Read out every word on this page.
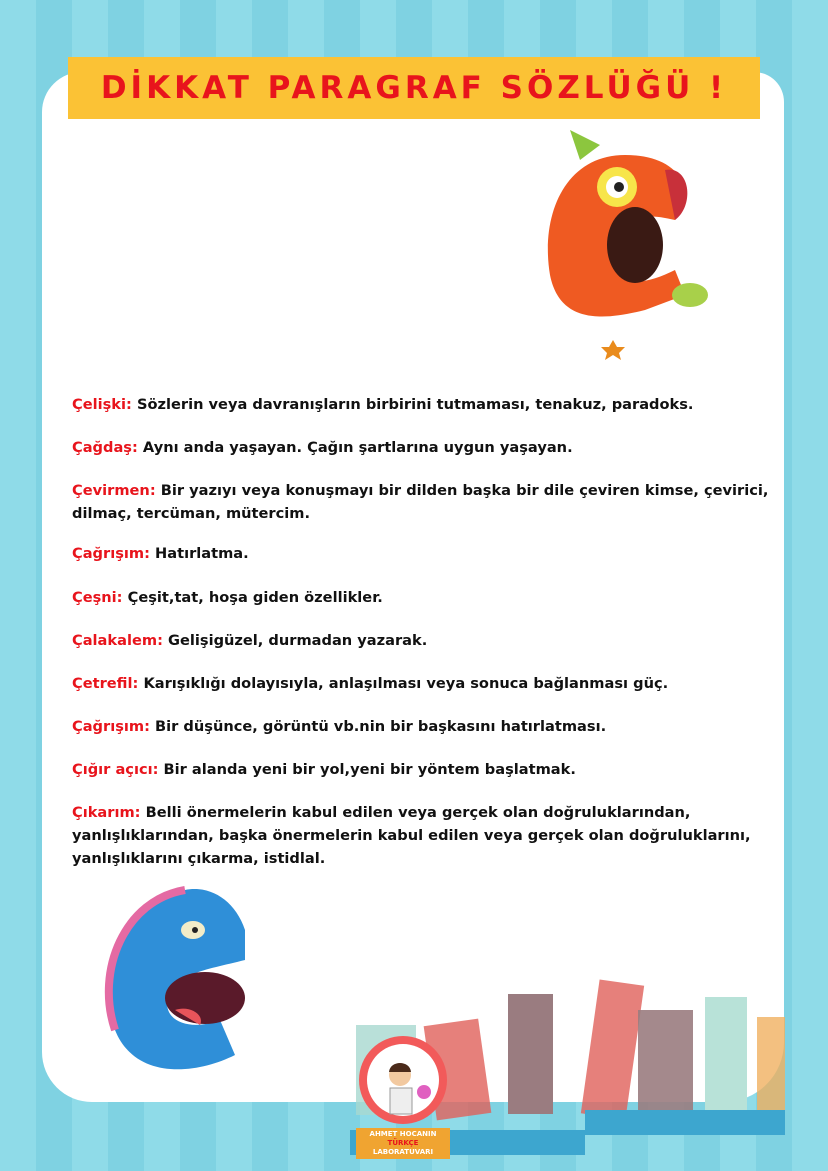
DİKKAT PARAGRAF SÖZLÜĞÜ !
Çelişki: Sözlerin veya davranışların birbirini tutmaması, tenakuz, paradoks.
Çağdaş: Aynı anda yaşayan. Çağın şartlarına uygun yaşayan.
Çevirmen: Bir yazıyı veya konuşmayı bir dilden başka bir dile çeviren kimse, çevirici, dilmaç, tercüman, mütercim.
Çağrışım: Hatırlatma.
Çeşni: Çeşit,tat, hoşa giden özellikler.
Çalakalem: Gelişigüzel, durmadan yazarak.
Çetrefil: Karışıklığı dolayısıyla, anlaşılması veya sonuca bağlanması güç.
Çağrışım: Bir düşünce, görüntü vb.nin bir başkasını hatırlatması.
Çığır açıcı: Bir alanda yeni bir yol,yeni bir yöntem başlatmak.
Çıkarım: Belli önermelerin kabul edilen veya gerçek olan doğruluklarından, yanlışlıklarından, başka önermelerin kabul edilen veya gerçek olan doğruluklarını, yanlışlıklarını çıkarma, istidlal.
AHMET HOCANIN
TÜRKÇE
LABORATUVARI
